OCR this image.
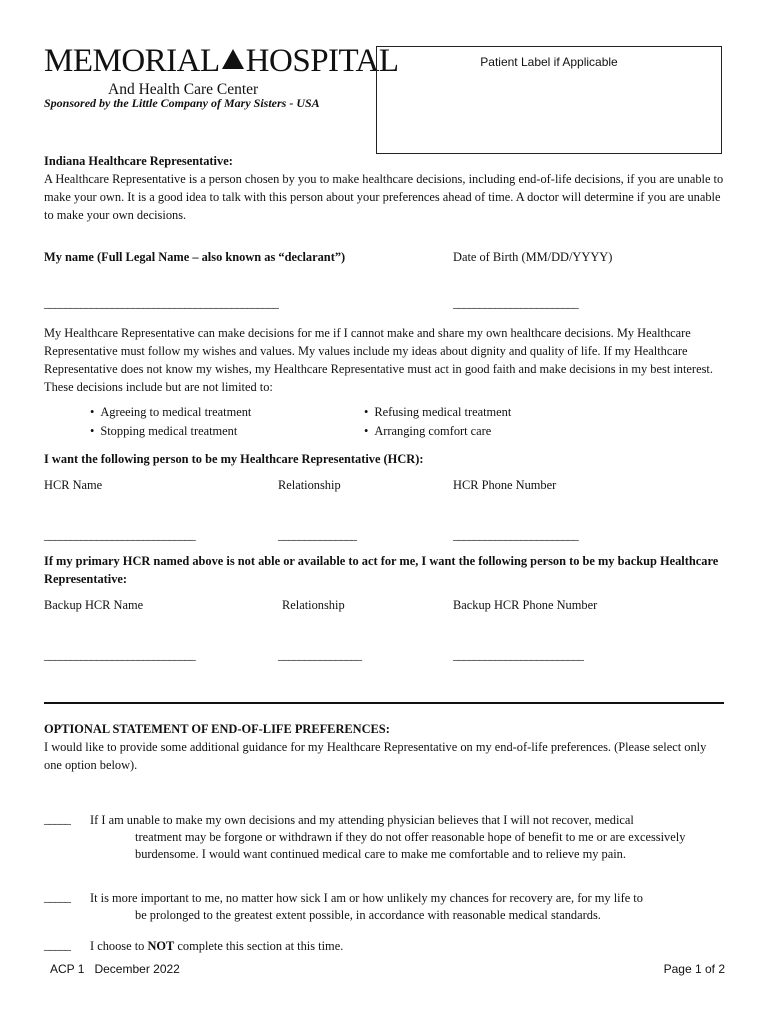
MEMORIAL HOSPITAL
And Health Care Center
Sponsored by the Little Company of Mary Sisters - USA
Patient Label if Applicable
Indiana Healthcare Representative:
A Healthcare Representative is a person chosen by you to make healthcare decisions, including end-of-life decisions, if you are unable to make your own. It is a good idea to talk with this person about your preferences ahead of time. A doctor will determine if you are unable to make your own decisions.
My name (Full Legal Name – also known as “declarant”)	Date of Birth (MM/DD/YYYY)
_____________________________________________	________________________
My Healthcare Representative can make decisions for me if I cannot make and share my own healthcare decisions. My Healthcare Representative must follow my wishes and values. My values include my ideas about dignity and quality of life. If my Healthcare Representative does not know my wishes, my Healthcare Representative must act in good faith and make decisions in my best interest. These decisions include but are not limited to:
• Agreeing to medical treatment
• Stopping medical treatment
• Refusing medical treatment
• Arranging comfort care
I want the following person to be my Healthcare Representative (HCR):
HCR Name	Relationship	HCR Phone Number
_____________________________	_______________	________________________
If my primary HCR named above is not able or available to act for me, I want the following person to be my backup Healthcare Representative:
Backup HCR Name	Relationship	Backup HCR Phone Number
_____________________________	________________	_________________________
OPTIONAL STATEMENT OF END-OF-LIFE PREFERENCES:
I would like to provide some additional guidance for my Healthcare Representative on my end-of-life preferences. (Please select only one option below).
_____	If I am unable to make my own decisions and my attending physician believes that I will not recover, medical
treatment may be forgone or withdrawn if they do not offer reasonable hope of benefit to me or are excessively burdensome. I would want continued medical care to make me comfortable and to relieve my pain.
_____	It is more important to me, no matter how sick I am or how unlikely my chances for recovery are, for my life to
be prolonged to the greatest extent possible, in accordance with reasonable medical standards.
_____	I choose to NOT complete this section at this time.
ACP 1   December 2022	Page 1 of 2
